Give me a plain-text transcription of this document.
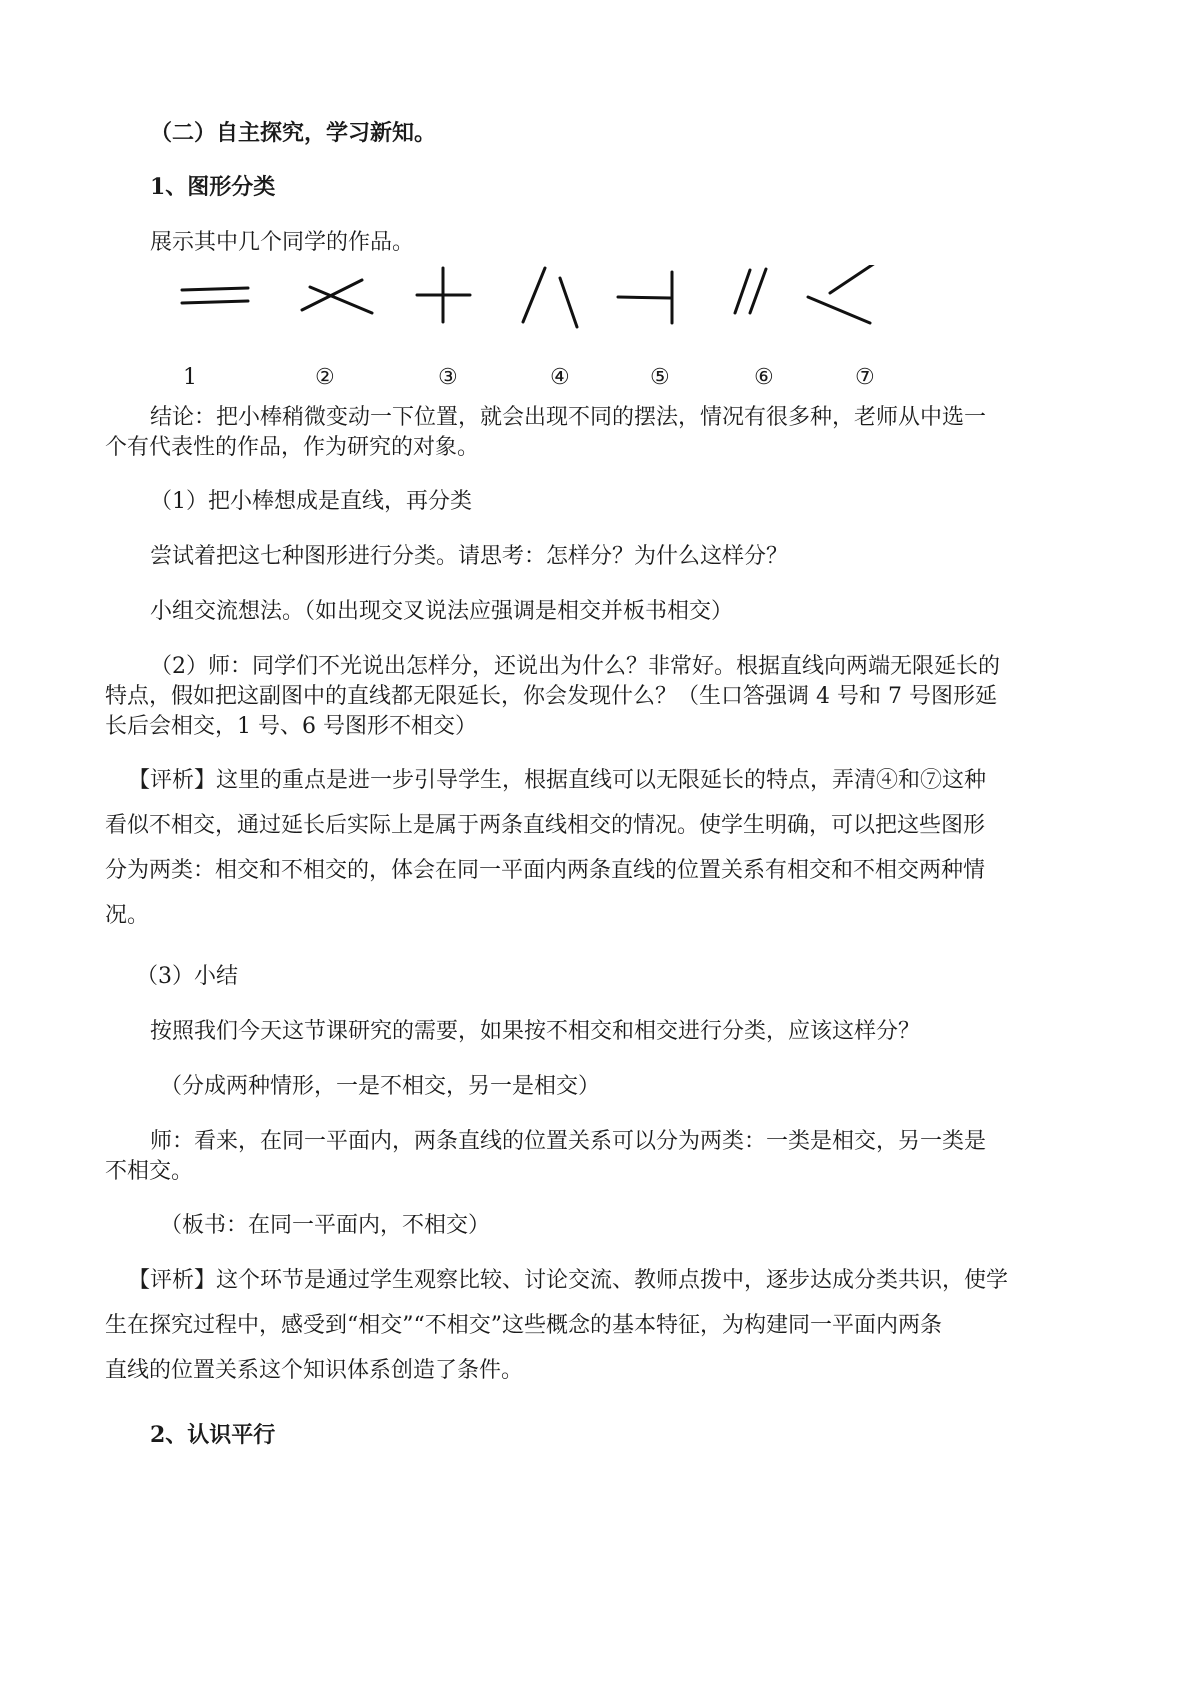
（二）自主探究，学习新知。
1、图形分类
展示其中几个同学的作品。
1	②	③	④	⑤	⑥	⑦
结论：把小棒稍微变动一下位置，就会出现不同的摆法，情况有很多种，老师从中选一
个有代表性的作品，作为研究的对象。
（1）把小棒想成是直线，再分类
尝试着把这七种图形进行分类。请思考：怎样分？为什么这样分？
小组交流想法。（如出现交叉说法应强调是相交并板书相交）
（2）师：同学们不光说出怎样分，还说出为什么？非常好。根据直线向两端无限延长的
特点，假如把这副图中的直线都无限延长，你会发现什么？（生口答强调 4 号和 7 号图形延
长后会相交，1 号、6 号图形不相交）
【评析】这里的重点是进一步引导学生，根据直线可以无限延长的特点，弄清④和⑦这种
看似不相交，通过延长后实际上是属于两条直线相交的情况。使学生明确，可以把这些图形
分为两类：相交和不相交的，体会在同一平面内两条直线的位置关系有相交和不相交两种情
况。
（3）小结
按照我们今天这节课研究的需要，如果按不相交和相交进行分类，应该这样分？
（分成两种情形，一是不相交，另一是相交）
师：看来，在同一平面内，两条直线的位置关系可以分为两类：一类是相交，另一类是
不相交。
（板书：在同一平面内，不相交）
【评析】这个环节是通过学生观察比较、讨论交流、教师点拨中，逐步达成分类共识，使学
生在探究过程中，感受到“相交”“不相交”这些概念的基本特征，为构建同一平面内两条
直线的位置关系这个知识体系创造了条件。
2、认识平行
